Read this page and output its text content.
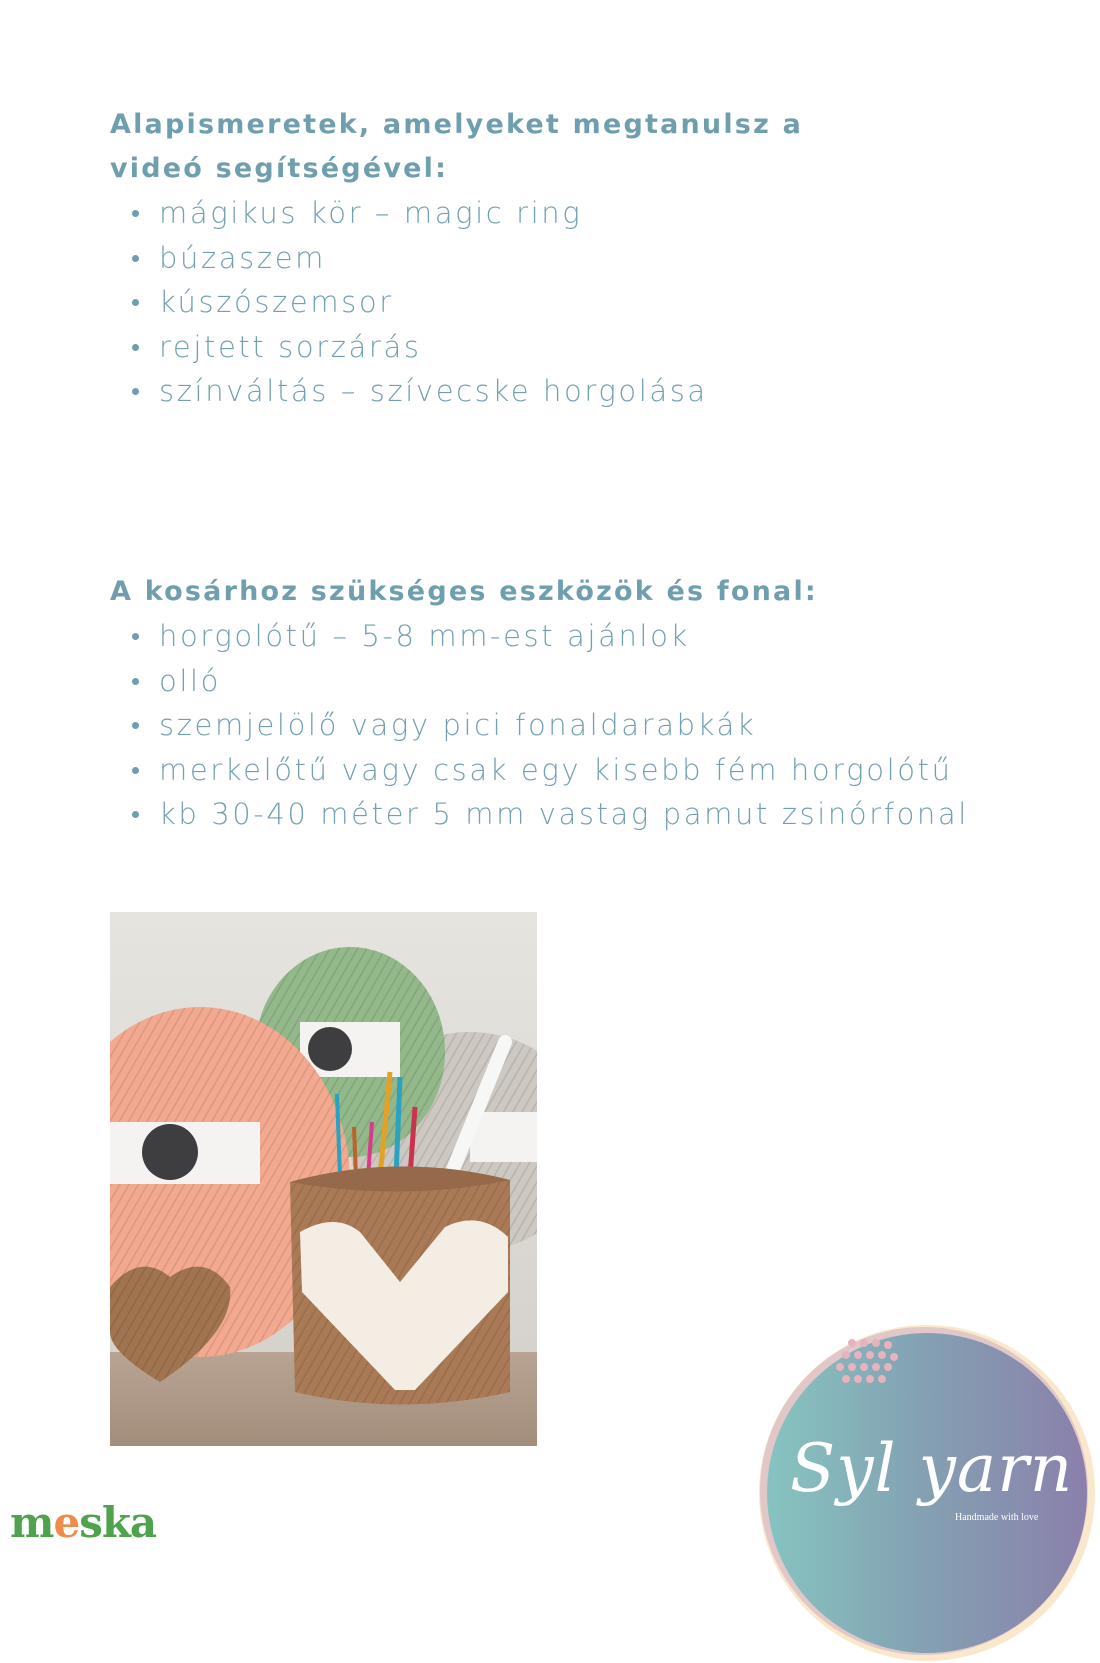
Alapismeretek, amelyeket megtanulsz a

videó segítségével:

mágikus kör – magic ring
búzaszem
kúszószemsor
rejtett sorzárás
színváltás – szívecske horgolása

A kosárhoz szükséges eszközök és fonal:

horgolótű – 5-8 mm-est ajánlok
olló
szemjelölő vagy pici fonaldarabkák
merkelőtű vagy csak egy kisebb fém horgolótű
kb 30-40 méter 5 mm vastag pamut zsinórfonal
meska
Syl yarn
Handmade with love
